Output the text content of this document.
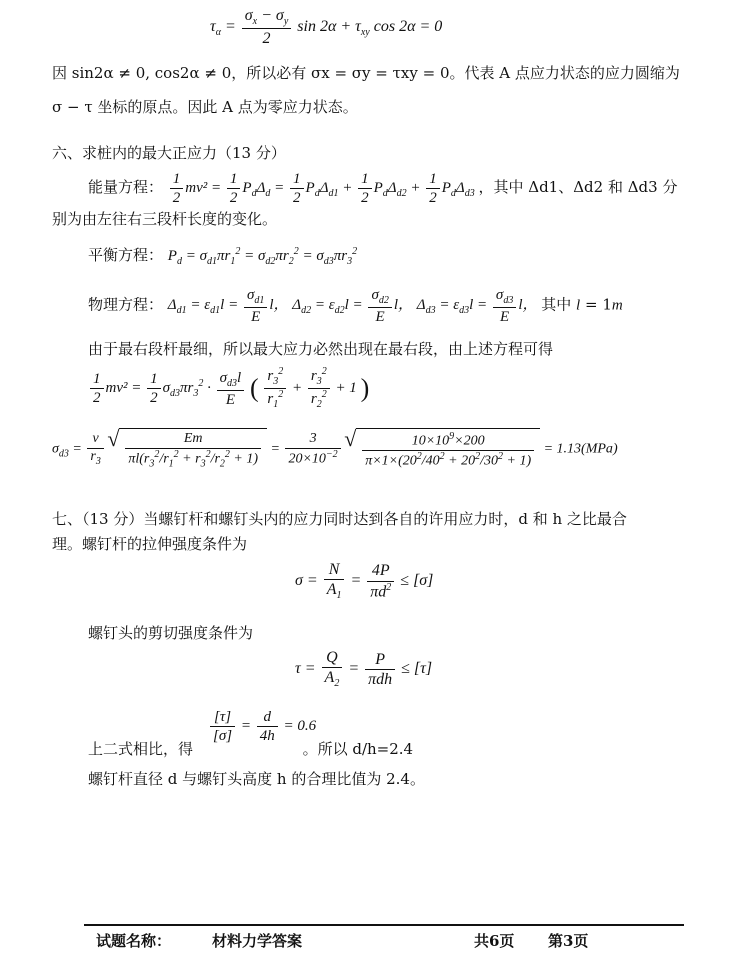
$\tau_\alpha = \frac{\sigma_x - \sigma_y}{2}$ $\sin 2\alpha + \tau_{xy}$ cos 2α = 0
因 sin2α ≠ 0, cos2α ≠ 0，所以必有 σx = σy = τxy = 0。代表 A 点应力状态的应力圆缩为
σ − τ 坐标的原点。因此 A 点为零应力状态。
六、求桩内的最大正应力（13 分）
能量方程： $\frac{1}{2} mv^2 = \frac{1}{2} P_d\Delta_d = \frac{1}{2} P_d\Delta_{d1} + \frac{1}{2} P_d\Delta_{d2} + \frac{1}{2} P_d\Delta_{d3}$ ，其中 Δd1、Δd2 和 Δd3 分
别为由左往右三段杆长度的变化。
平衡方程： $P_d = \sigma_{d1}\pi r_1^2 = \sigma_{d2}\pi r_2^2 = \sigma_{d3}\pi r_3^2$
物理方程： $\Delta_{d1} = \varepsilon_{d1}l = \frac{\sigma_{d1}}{E}$ l， $\Delta_{d2} = \varepsilon_{d2}l = \frac{\sigma_{d2}}{E}$ l， $\Delta_{d3} = \varepsilon_{d3}l = \frac{\sigma_{d3}}{E}$ l， 其中 l = 1m
由于最右段杆最细，所以最大应力必然出现在最右段，由上述方程可得
$\frac{1}{2} mv^2 = \frac{1}{2} \sigma_{d3}\pi r_3^2 \cdot \frac{\sigma_{d3}l}{E}$ ( $\frac{r_3^2}{r_1^2} + \frac{r_3^2}{r_2^2} + 1$ )
$\sigma_{d3} = \frac{v}{r_3}$
√ $\frac{Em}{\pi l(r_3^2/r_1^2 + r_3^2/r_2^2 + 1)} = \frac{3}{20\times 10^{-2}}$
√ $\frac{10\times 10^9\times 200}{\pi\times 1\times(20^2/40^2 + 20^2/30^2 + 1)} = 1.13(MPa)$
七、（13 分）当螺钉杆和螺钉头内的应力同时达到各自的许用应力时，d 和 h 之比最合
理。螺钉杆的拉伸强度条件为
$\sigma = \frac{N}{A_1} = \frac{4P}{\pi d^2} \le [\sigma]$
螺钉头的剪切强度条件为
$\tau = \frac{Q}{A_2} = \frac{P}{\text{πdh}} \le [\tau]$
$\frac{[\tau]}{[\sigma]} = \frac{d}{4h} = 0.6$
上二式相比，得	。所以 d/h=2.4
螺钉杆直径 d 与螺钉头高度 h 的合理比值为 2.4。
试题名称：	材料力学答案	共6页 第3页
